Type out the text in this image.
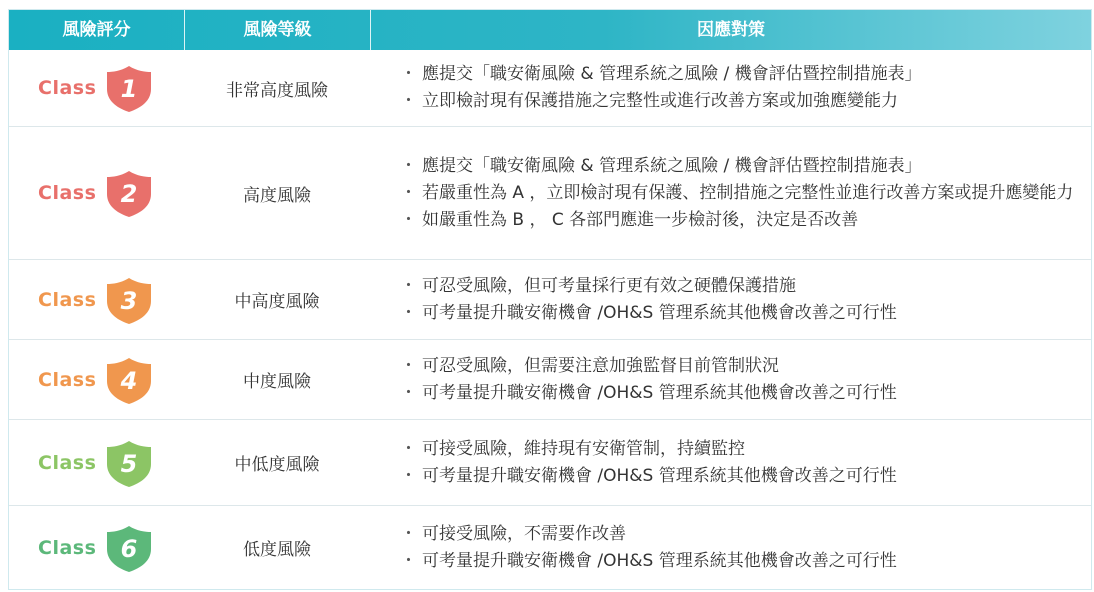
風險評分	風險等級	因應對策
Class 1	非常高度風險
・ 應提交「職安衛風險 & 管理系統之風險 / 機會評估暨控制措施表」
・ 立即檢討現有保護措施之完整性或進行改善方案或加強應變能力
Class 2	高度風險
・ 應提交「職安衛風險 & 管理系統之風險 / 機會評估暨控制措施表」
・ 若嚴重性為 A ，立即檢討現有保護、控制措施之完整性並進行改善方案或提升應變能力
・ 如嚴重性為 B ， C 各部門應進一步檢討後，決定是否改善
Class 3	中高度風險
・ 可忍受風險，但可考量採行更有效之硬體保護措施
・ 可考量提升職安衛機會 /OH&S 管理系統其他機會改善之可行性
Class 4	中度風險
・ 可忍受風險，但需要注意加強監督目前管制狀況
・ 可考量提升職安衛機會 /OH&S 管理系統其他機會改善之可行性
Class 5	中低度風險
・ 可接受風險，維持現有安衛管制，持續監控
・ 可考量提升職安衛機會 /OH&S 管理系統其他機會改善之可行性
Class 6	低度風險
・ 可接受風險，不需要作改善
・ 可考量提升職安衛機會 /OH&S 管理系統其他機會改善之可行性
